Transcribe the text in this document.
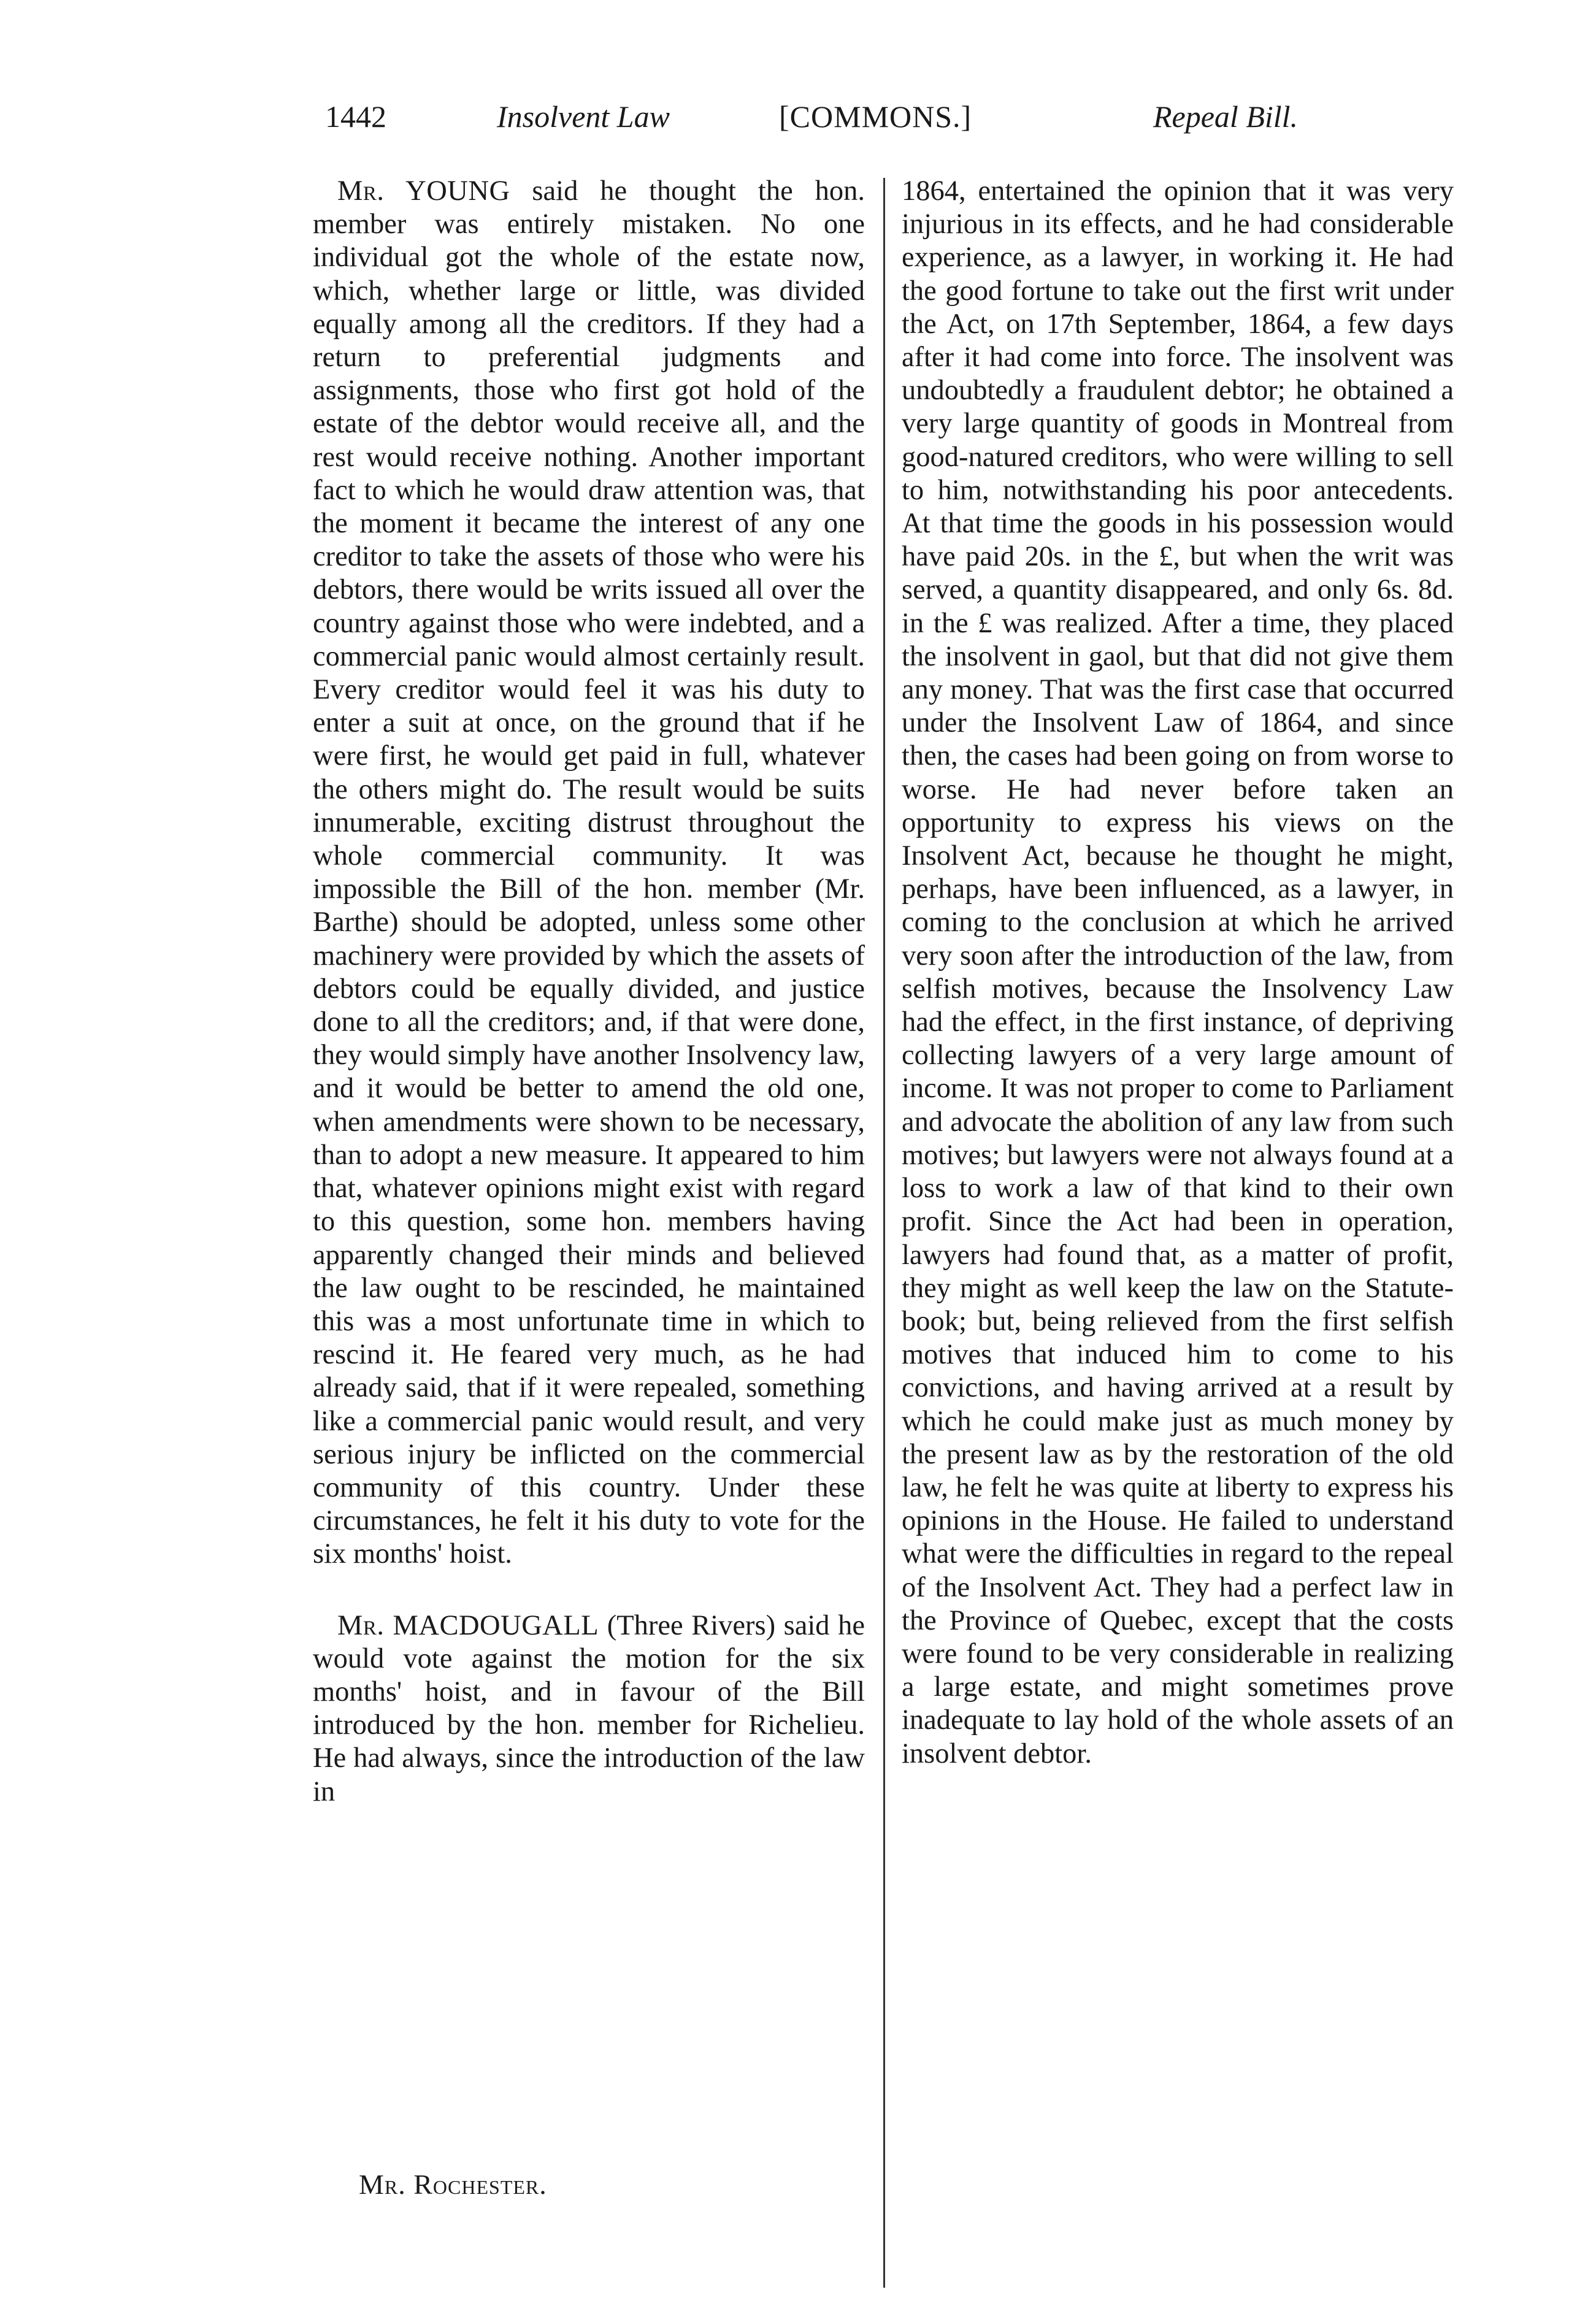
1442	Insolvent Law	[COMMONS.]	Repeal Bill.

Mr. YOUNG said he thought the hon. member was entirely mistaken. No one individual got the whole of the estate now, which, whether large or little, was divided equally among all the creditors. If they had a return to preferential judgments and assignments, those who first got hold of the estate of the debtor would receive all, and the rest would receive nothing. Another important fact to which he would draw attention was, that the moment it became the interest of any one creditor to take the assets of those who were his debtors, there would be writs issued all over the country against those who were indebted, and a commercial panic would almost certainly result. Every creditor would feel it was his duty to enter a suit at once, on the ground that if he were first, he would get paid in full, whatever the others might do. The result would be suits innumerable, exciting distrust throughout the whole commercial community. It was impossible the Bill of the hon. member (Mr. Barthe) should be adopted, unless some other machinery were provided by which the assets of debtors could be equally divided, and justice done to all the creditors; and, if that were done, they would simply have another Insolvency law, and it would be better to amend the old one, when amendments were shown to be necessary, than to adopt a new measure. It appeared to him that, whatever opinions might exist with regard to this question, some hon. members having apparently changed their minds and believed the law ought to be rescinded, he maintained this was a most unfortunate time in which to rescind it. He feared very much, as he had already said, that if it were repealed, something like a commercial panic would result, and very serious injury be inflicted on the commercial community of this country. Under these circumstances, he felt it his duty to vote for the six months' hoist.

Mr. MACDOUGALL (Three Rivers) said he would vote against the motion for the six months' hoist, and in favour of the Bill introduced by the hon. member for Richelieu. He had always, since the introduction of the law in

1864, entertained the opinion that it was very injurious in its effects, and he had considerable experience, as a lawyer, in working it. He had the good fortune to take out the first writ under the Act, on 17th September, 1864, a few days after it had come into force. The insolvent was undoubtedly a fraudulent debtor; he obtained a very large quantity of goods in Montreal from good-natured creditors, who were willing to sell to him, notwithstanding his poor antecedents. At that time the goods in his possession would have paid 20s. in the £, but when the writ was served, a quantity disappeared, and only 6s. 8d. in the £ was realized. After a time, they placed the insolvent in gaol, but that did not give them any money. That was the first case that occurred under the Insolvent Law of 1864, and since then, the cases had been going on from worse to worse. He had never before taken an opportunity to express his views on the Insolvent Act, because he thought he might, perhaps, have been influenced, as a lawyer, in coming to the conclusion at which he arrived very soon after the introduction of the law, from selfish motives, because the Insolvency Law had the effect, in the first instance, of depriving collecting lawyers of a very large amount of income. It was not proper to come to Parliament and advocate the abolition of any law from such motives; but lawyers were not always found at a loss to work a law of that kind to their own profit. Since the Act had been in operation, lawyers had found that, as a matter of profit, they might as well keep the law on the Statute-book; but, being relieved from the first selfish motives that induced him to come to his convictions, and having arrived at a result by which he could make just as much money by the present law as by the restoration of the old law, he felt he was quite at liberty to express his opinions in the House. He failed to understand what were the difficulties in regard to the repeal of the Insolvent Act. They had a perfect law in the Province of Quebec, except that the costs were found to be very considerable in realizing a large estate, and might sometimes prove inadequate to lay hold of the whole assets of an insolvent debtor.

Mr. Rochester.
